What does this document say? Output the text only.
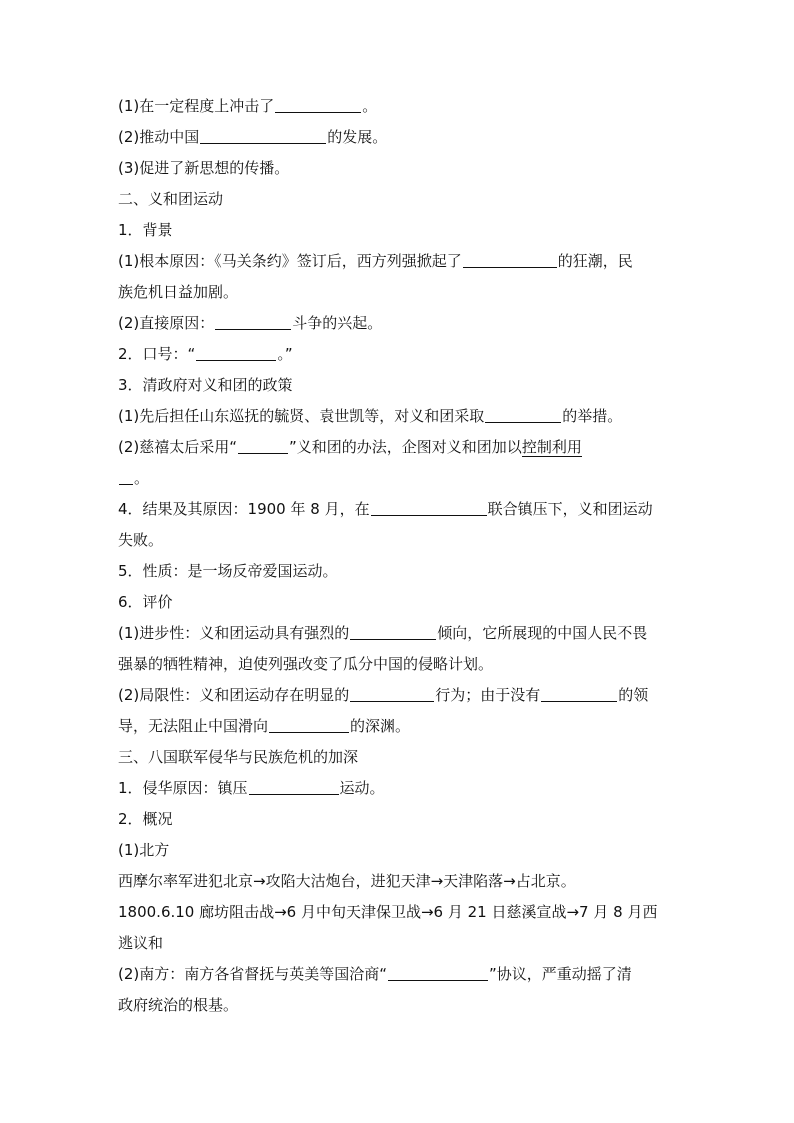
(1)在一定程度上冲击了	。
(2)推动中国	的发展。
(3)促进了新思想的传播。
二、义和团运动
1．背景
(1)根本原因：《马关条约》签订后，西方列强掀起了	的狂潮，民
族危机日益加剧。
(2)直接原因：	斗争的兴起。
2．口号：“	。”
3．清政府对义和团的政策
(1)先后担任山东巡抚的毓贤、袁世凯等，对义和团采取	的举措。
(2)慈禧太后采用“	”义和团的办法，企图对义和团加以控制利用
。
4．结果及其原因：1900 年 8 月，在	联合镇压下，义和团运动
失败。
5．性质：是一场反帝爱国运动。
6．评价
(1)进步性：义和团运动具有强烈的	倾向，它所展现的中国人民不畏
强暴的牺牲精神，迫使列强改变了瓜分中国的侵略计划。
(2)局限性：义和团运动存在明显的	行为；由于没有	的领
导，无法阻止中国滑向	的深渊。
三、八国联军侵华与民族危机的加深
1．侵华原因：镇压	运动。
2．概况
(1)北方
西摩尔率军进犯北京→攻陷大沽炮台，进犯天津→天津陷落→占北京。
1800.6.10 廊坊阻击战→6 月中旬天津保卫战→6 月 21 日慈溪宣战→7 月 8 月西
逃议和
(2)南方：南方各省督抚与英美等国洽商“	”协议，严重动摇了清
政府统治的根基。
